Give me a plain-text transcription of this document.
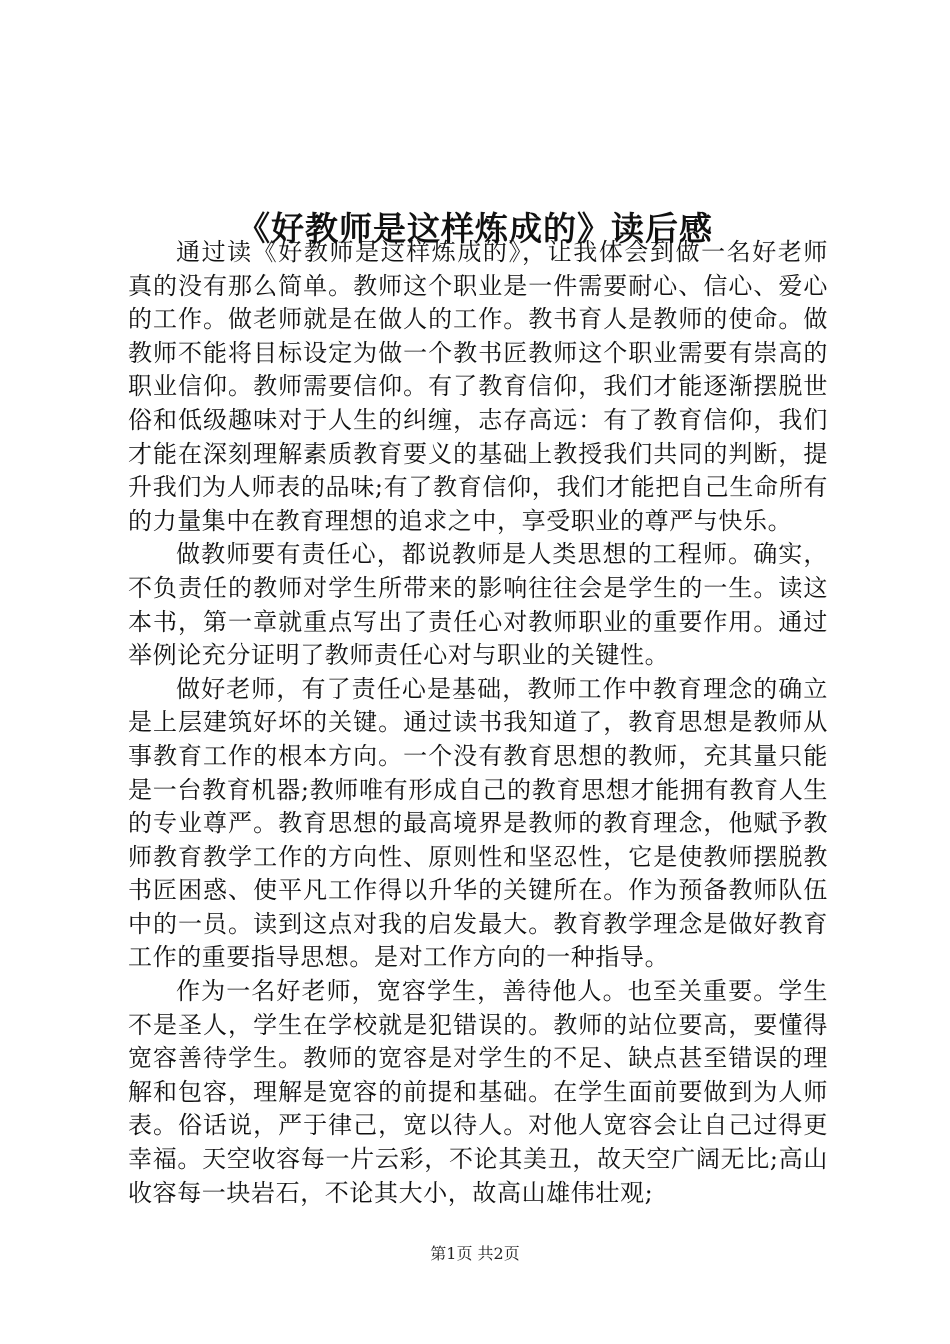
《好教师是这样炼成的》读后感

通过读《好教师是这样炼成的》，让我体会到做一名好老师真的没有那么简单。教师这个职业是一件需要耐心、信心、爱心的工作。做老师就是在做人的工作。教书育人是教师的使命。做教师不能将目标设定为做一个教书匠教师这个职业需要有崇高的职业信仰。教师需要信仰。有了教育信仰，我们才能逐渐摆脱世俗和低级趣味对于人生的纠缠，志存高远：有了教育信仰，我们才能在深刻理解素质教育要义的基础上教授我们共同的判断，提升我们为人师表的品味;有了教育信仰，我们才能把自己生命所有的力量集中在教育理想的追求之中，享受职业的尊严与快乐。

做教师要有责任心，都说教师是人类思想的工程师。确实，不负责任的教师对学生所带来的影响往往会是学生的一生。读这本书，第一章就重点写出了责任心对教师职业的重要作用。通过举例论充分证明了教师责任心对与职业的关键性。

做好老师，有了责任心是基础，教师工作中教育理念的确立是上层建筑好坏的关键。通过读书我知道了，教育思想是教师从事教育工作的根本方向。一个没有教育思想的教师，充其量只能是一台教育机器;教师唯有形成自己的教育思想才能拥有教育人生的专业尊严。教育思想的最高境界是教师的教育理念，他赋予教师教育教学工作的方向性、原则性和坚忍性，它是使教师摆脱教书匠困惑、使平凡工作得以升华的关键所在。作为预备教师队伍中的一员。读到这点对我的启发最大。教育教学理念是做好教育工作的重要指导思想。是对工作方向的一种指导。

作为一名好老师，宽容学生，善待他人。也至关重要。学生不是圣人，学生在学校就是犯错误的。教师的站位要高，要懂得宽容善待学生。教师的宽容是对学生的不足、缺点甚至错误的理解和包容，理解是宽容的前提和基础。在学生面前要做到为人师表。俗话说，严于律己，宽以待人。对他人宽容会让自己过得更幸福。天空收容每一片云彩，不论其美丑，故天空广阔无比;高山收容每一块岩石，不论其大小，故高山雄伟壮观;

第1页 共2页
